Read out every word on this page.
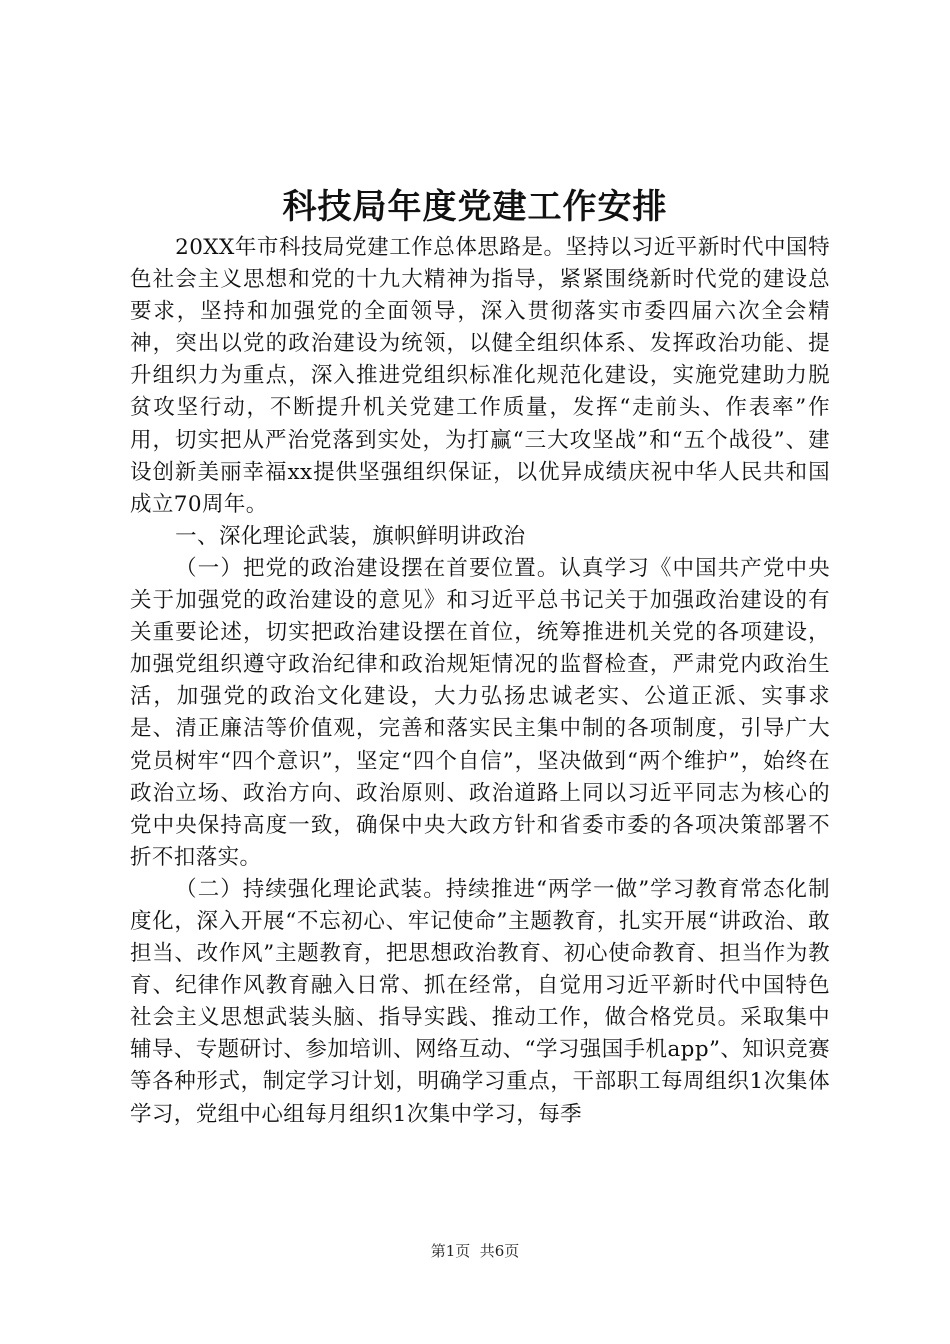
科技局年度党建工作安排

20XX年市科技局党建工作总体思路是。坚持以习近平新时代中国特色社会主义思想和党的十九大精神为指导，紧紧围绕新时代党的建设总要求，坚持和加强党的全面领导，深入贯彻落实市委四届六次全会精神，突出以党的政治建设为统领，以健全组织体系、发挥政治功能、提升组织力为重点，深入推进党组织标准化规范化建设，实施党建助力脱贫攻坚行动，不断提升机关党建工作质量，发挥“走前头、作表率”作用，切实把从严治党落到实处，为打赢“三大攻坚战”和“五个战役”、建设创新美丽幸福xx提供坚强组织保证，以优异成绩庆祝中华人民共和国成立70周年。

一、深化理论武装，旗帜鲜明讲政治

（一）把党的政治建设摆在首要位置。认真学习《中国共产党中央关于加强党的政治建设的意见》和习近平总书记关于加强政治建设的有关重要论述，切实把政治建设摆在首位，统筹推进机关党的各项建设，加强党组织遵守政治纪律和政治规矩情况的监督检查，严肃党内政治生活，加强党的政治文化建设，大力弘扬忠诚老实、公道正派、实事求是、清正廉洁等价值观，完善和落实民主集中制的各项制度，引导广大党员树牢“四个意识”，坚定“四个自信”，坚决做到“两个维护”，始终在政治立场、政治方向、政治原则、政治道路上同以习近平同志为核心的党中央保持高度一致，确保中央大政方针和省委市委的各项决策部署不折不扣落实。

（二）持续强化理论武装。持续推进“两学一做”学习教育常态化制度化，深入开展“不忘初心、牢记使命”主题教育，扎实开展“讲政治、敢担当、改作风”主题教育，把思想政治教育、初心使命教育、担当作为教育、纪律作风教育融入日常、抓在经常，自觉用习近平新时代中国特色社会主义思想武装头脑、指导实践、推动工作，做合格党员。采取集中辅导、专题研讨、参加培训、网络互动、“学习强国手机app”、知识竞赛等各种形式，制定学习计划，明确学习重点，干部职工每周组织1次集体学习，党组中心组每月组织1次集中学习，每季

第1页  共6页
